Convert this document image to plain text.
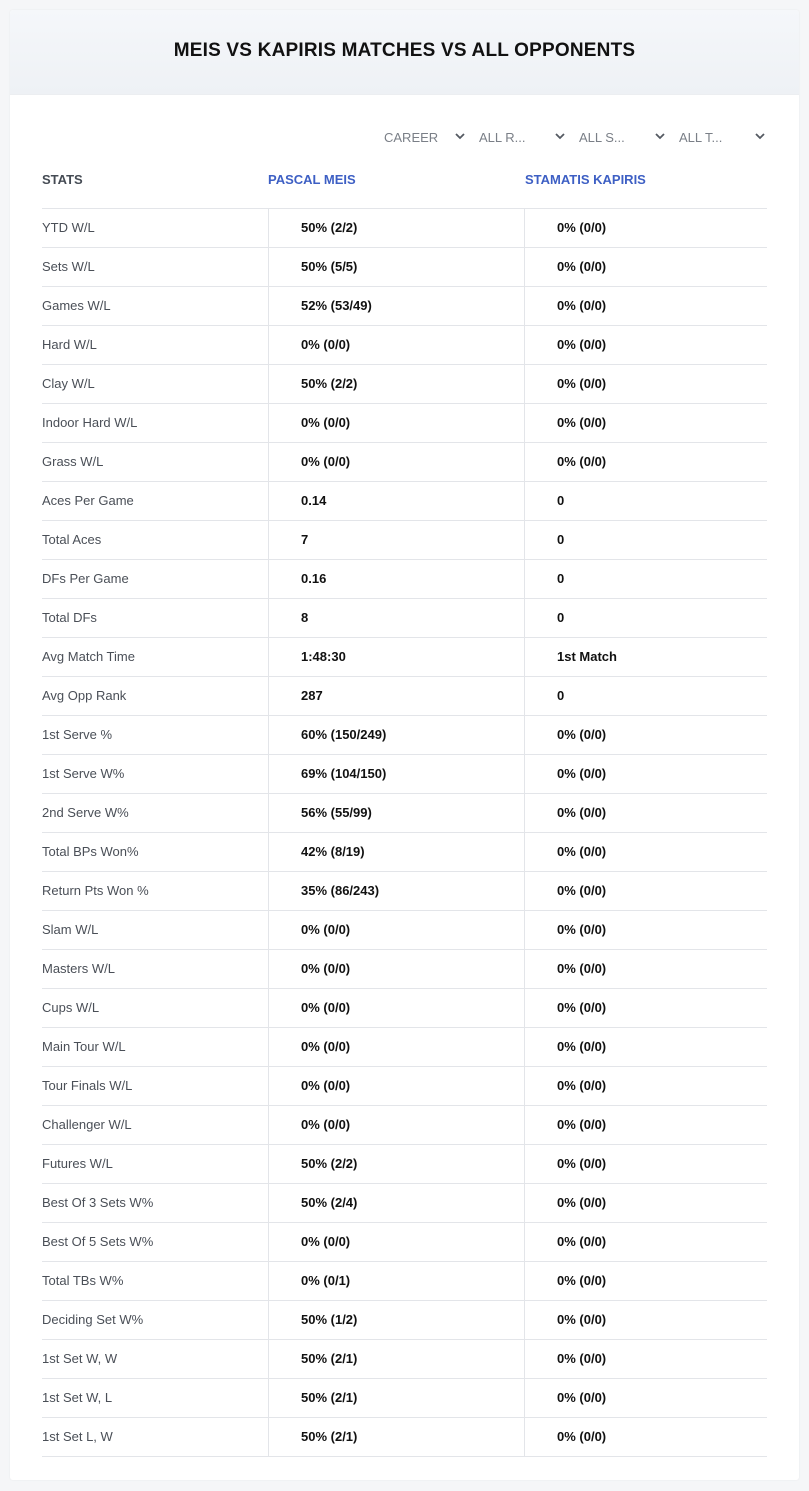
MEIS VS KAPIRIS MATCHES VS ALL OPPONENTS
CAREER	ALL R...	ALL S...	ALL T...
STATS	PASCAL MEIS	STAMATIS KAPIRIS
YTD W/L	50% (2/2)	0% (0/0)
Sets W/L	50% (5/5)	0% (0/0)
Games W/L	52% (53/49)	0% (0/0)
Hard W/L	0% (0/0)	0% (0/0)
Clay W/L	50% (2/2)	0% (0/0)
Indoor Hard W/L	0% (0/0)	0% (0/0)
Grass W/L	0% (0/0)	0% (0/0)
Aces Per Game	0.14	0
Total Aces	7	0
DFs Per Game	0.16	0
Total DFs	8	0
Avg Match Time	1:48:30	1st Match
Avg Opp Rank	287	0
1st Serve %	60% (150/249)	0% (0/0)
1st Serve W%	69% (104/150)	0% (0/0)
2nd Serve W%	56% (55/99)	0% (0/0)
Total BPs Won%	42% (8/19)	0% (0/0)
Return Pts Won %	35% (86/243)	0% (0/0)
Slam W/L	0% (0/0)	0% (0/0)
Masters W/L	0% (0/0)	0% (0/0)
Cups W/L	0% (0/0)	0% (0/0)
Main Tour W/L	0% (0/0)	0% (0/0)
Tour Finals W/L	0% (0/0)	0% (0/0)
Challenger W/L	0% (0/0)	0% (0/0)
Futures W/L	50% (2/2)	0% (0/0)
Best Of 3 Sets W%	50% (2/4)	0% (0/0)
Best Of 5 Sets W%	0% (0/0)	0% (0/0)
Total TBs W%	0% (0/1)	0% (0/0)
Deciding Set W%	50% (1/2)	0% (0/0)
1st Set W, W	50% (2/1)	0% (0/0)
1st Set W, L	50% (2/1)	0% (0/0)
1st Set L, W	50% (2/1)	0% (0/0)
